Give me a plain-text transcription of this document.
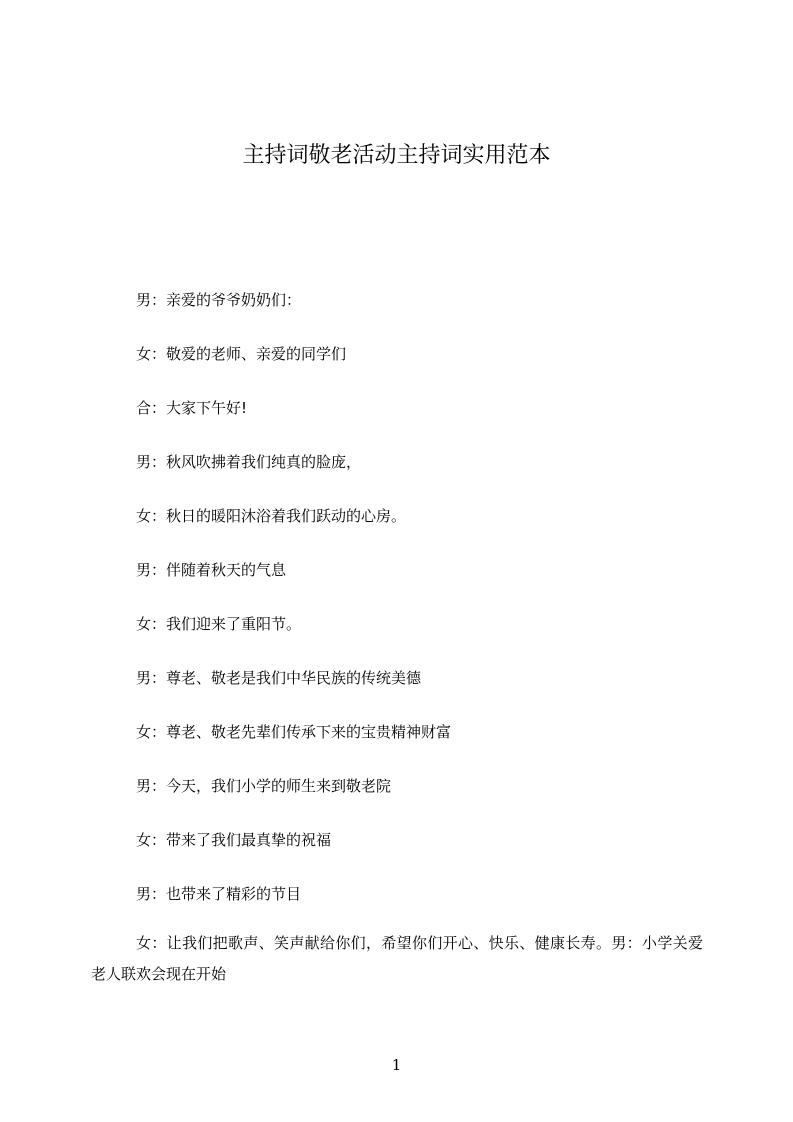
主持词敬老活动主持词实用范本
男：亲爱的爷爷奶奶们：
女：敬爱的老师、亲爱的同学们
合：大家下午好!
男：秋风吹拂着我们纯真的脸庞，
女：秋日的暖阳沐浴着我们跃动的心房。
男：伴随着秋天的气息
女：我们迎来了重阳节。
男：尊老、敬老是我们中华民族的传统美德
女：尊老、敬老先辈们传承下来的宝贵精神财富
男：今天，我们小学的师生来到敬老院
女：带来了我们最真挚的祝福
男：也带来了精彩的节目
女：让我们把歌声、笑声献给你们，希望你们开心、快乐、健康长寿。男：小学关爱老人联欢会现在开始
1
